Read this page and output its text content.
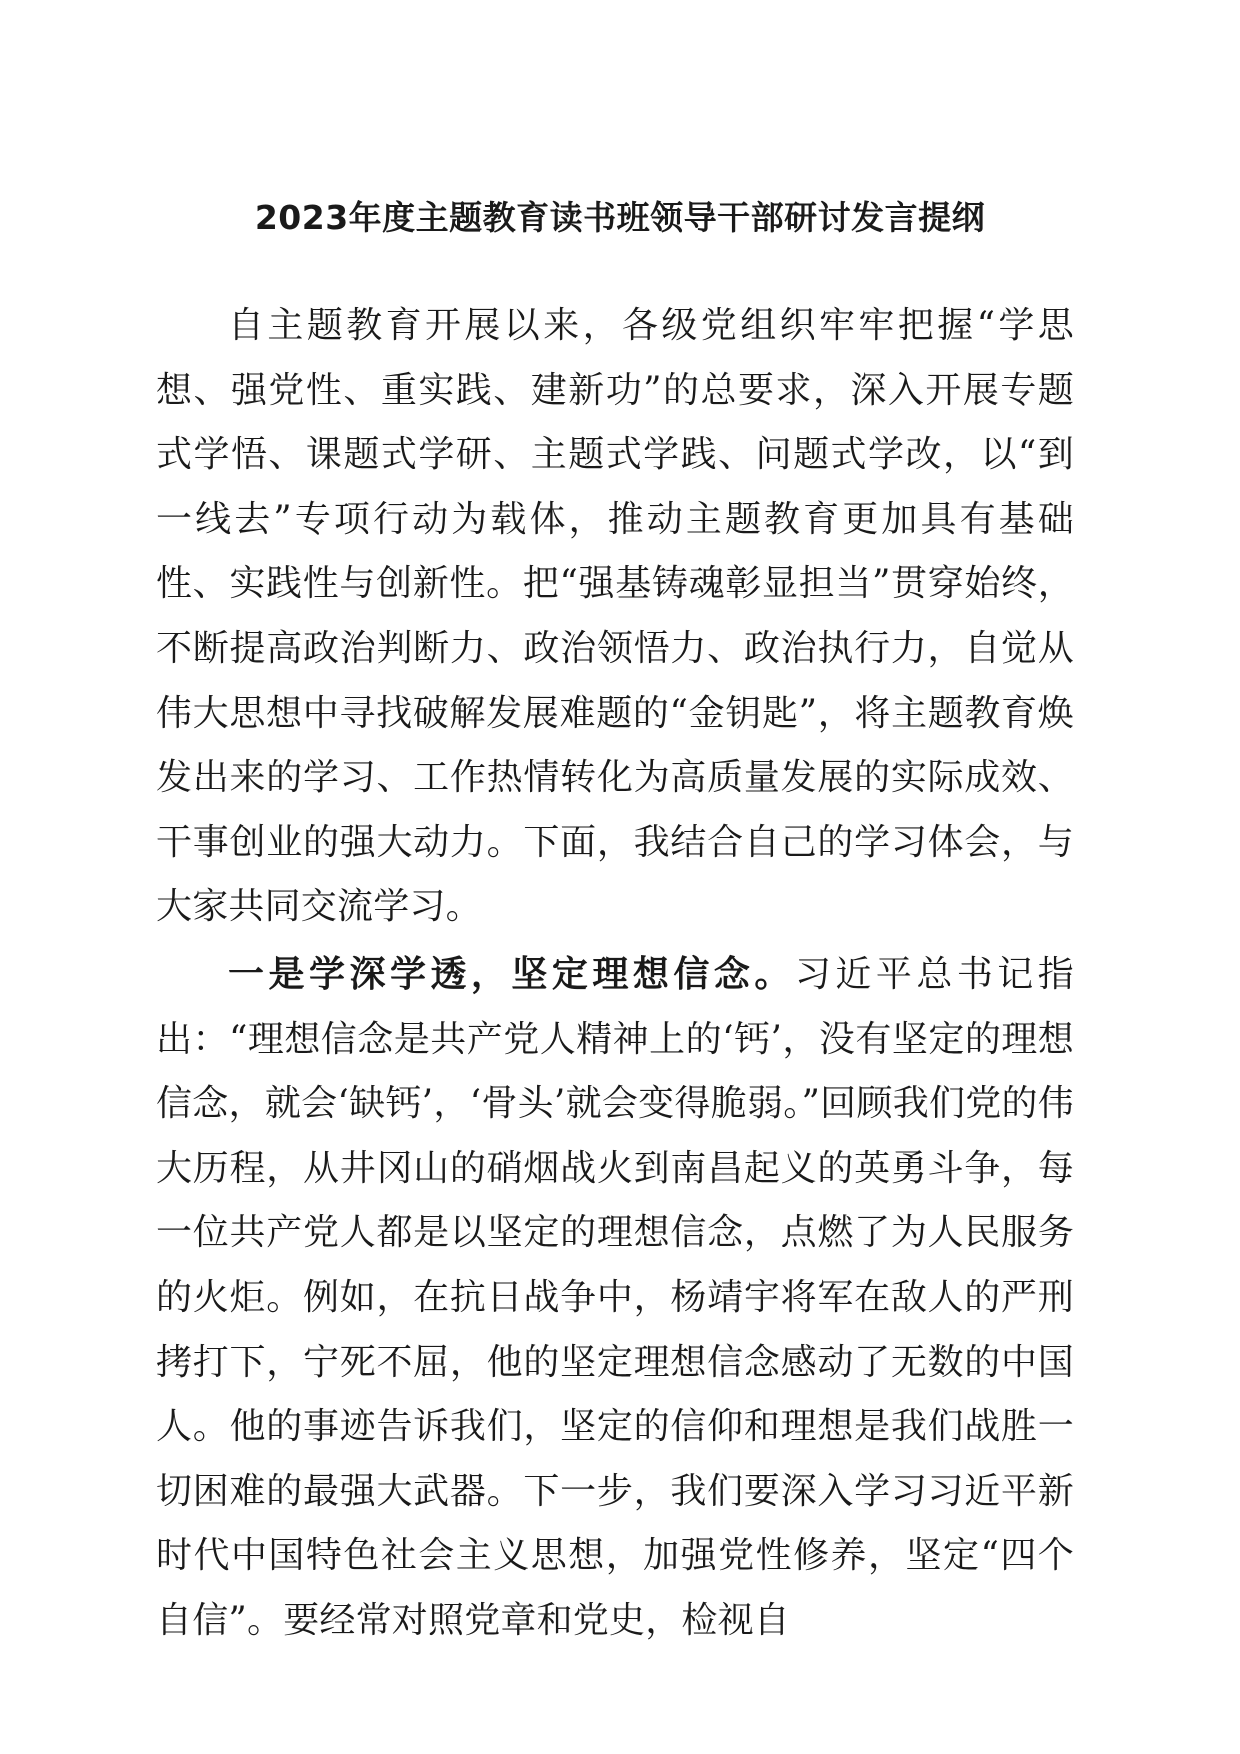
2023年度主题教育读书班领导干部研讨发言提纲

自主题教育开展以来，各级党组织牢牢把握“学思想、强党性、重实践、建新功”的总要求，深入开展专题式学悟、课题式学研、主题式学践、问题式学改，以“到一线去”专项行动为载体，推动主题教育更加具有基础性、实践性与创新性。把“强基铸魂彰显担当”贯穿始终，不断提高政治判断力、政治领悟力、政治执行力，自觉从伟大思想中寻找破解发展难题的“金钥匙”，将主题教育焕发出来的学习、工作热情转化为高质量发展的实际成效、干事创业的强大动力。下面，我结合自己的学习体会，与大家共同交流学习。

一是学深学透，坚定理想信念。习近平总书记指出：“理想信念是共产党人精神上的‘钙’，没有坚定的理想信念，就会‘缺钙’，‘骨头’就会变得脆弱。”回顾我们党的伟大历程，从井冈山的硝烟战火到南昌起义的英勇斗争，每一位共产党人都是以坚定的理想信念，点燃了为人民服务的火炬。例如，在抗日战争中，杨靖宇将军在敌人的严刑拷打下，宁死不屈，他的坚定理想信念感动了无数的中国人。他的事迹告诉我们，坚定的信仰和理想是我们战胜一切困难的最强大武器。下一步，我们要深入学习习近平新时代中国特色社会主义思想，加强党性修养，坚定“四个自信”。要经常对照党章和党史，检视自
